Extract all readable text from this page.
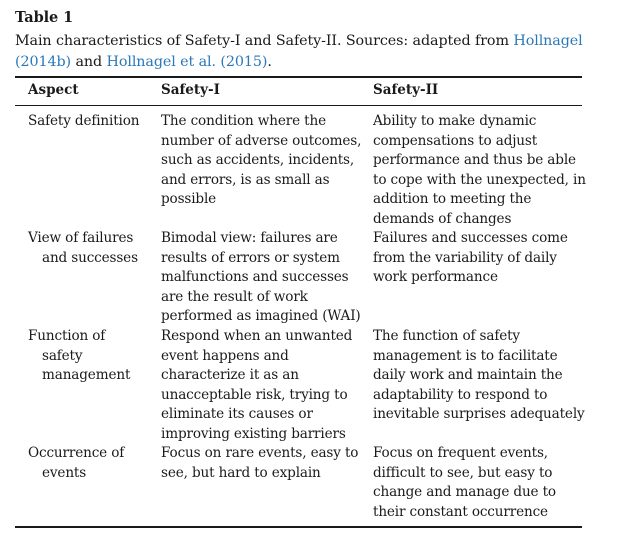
Table 1
Main characteristics of Safety-I and Safety-II. Sources: adapted from Hollnagel
(2014b) and Hollnagel et al. (2015).
Aspect	Safety-I	Safety-II
Safety definition The condition where the
number of adverse outcomes,
such as accidents, incidents,
and errors, is as small as
possible
Ability to make dynamic
compensations to adjust
performance and thus be able
to cope with the unexpected, in
addition to meeting the
demands of changes
View of failures
and successes
Bimodal view: failures are
results of errors or system
malfunctions and successes
are the result of work
performed as imagined (WAI)
Failures and successes come
from the variability of daily
work performance
Function of
safety
management
Respond when an unwanted
event happens and
characterize it as an
unacceptable risk, trying to
eliminate its causes or
improving existing barriers
The function of safety
management is to facilitate
daily work and maintain the
adaptability to respond to
inevitable surprises adequately
Occurrence of
events
Focus on rare events, easy to
see, but hard to explain
Focus on frequent events,
difficult to see, but easy to
change and manage due to
their constant occurrence
